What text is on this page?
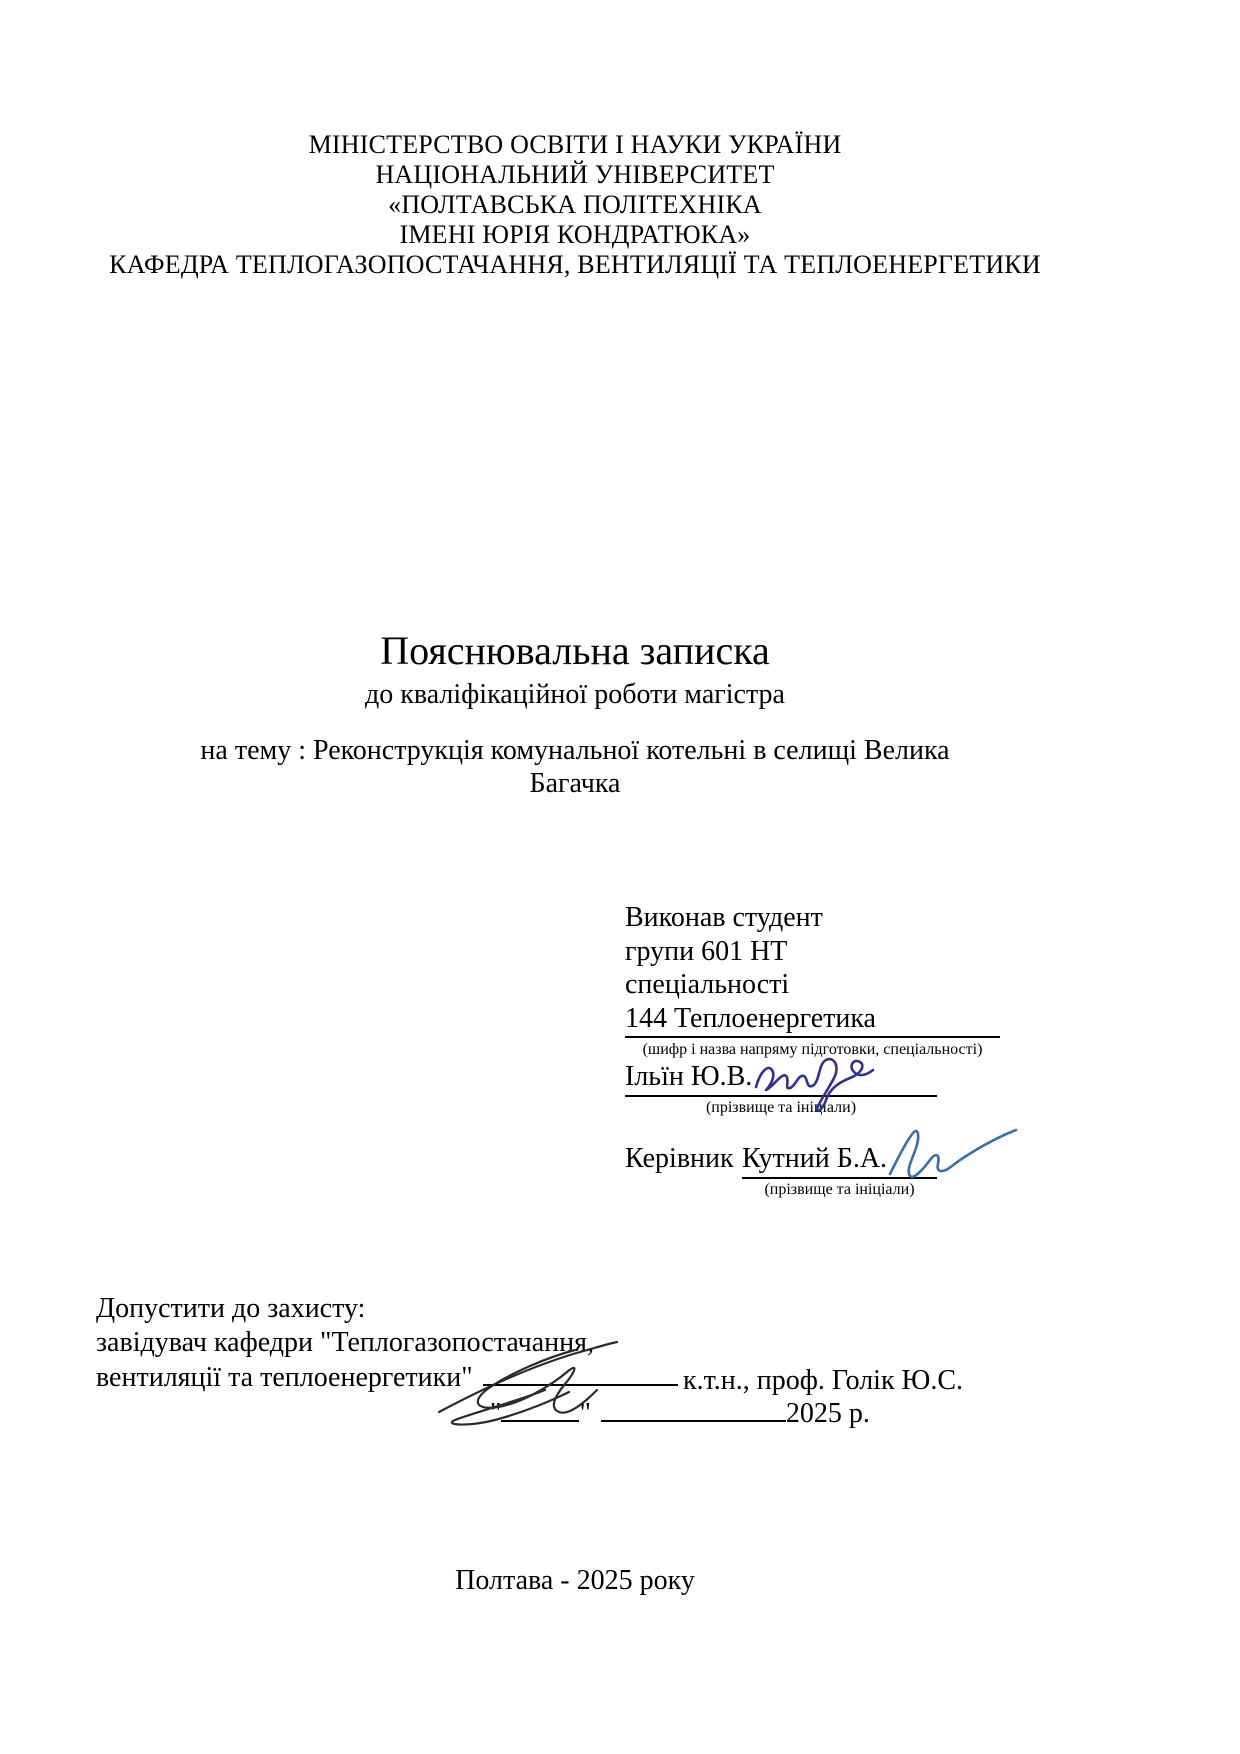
МІНІСТЕРСТВО ОСВІТИ І НАУКИ УКРАЇНИ
НАЦІОНАЛЬНИЙ УНІВЕРСИТЕТ
«ПОЛТАВСЬКА ПОЛІТЕХНІКА
ІМЕНІ ЮРІЯ КОНДРАТЮКА»
КАФЕДРА ТЕПЛОГАЗОПОСТАЧАННЯ, ВЕНТИЛЯЦІЇ ТА ТЕПЛОЕНЕРГЕТИКИ
Пояснювальна записка
до кваліфікаційної роботи магістра
на тему : Реконструкція комунальної котельні в селищі Велика
Багачка
Виконав студент
групи 601 НТ
спеціальності
144 Теплоенергетика
(шифр і назва напряму підготовки, спеціальності)
Ільїн Ю.В.
(прізвище та ініціали)
Керівник Кутний Б.А.
(прізвище та ініціали)
Допустити до захисту:
завідувач кафедри "Теплогазопостачання,
вентиляції та теплоенергетики"	к.т.н., проф. Голік Ю.С.
"	"	2025 р.
Полтава - 2025 року
